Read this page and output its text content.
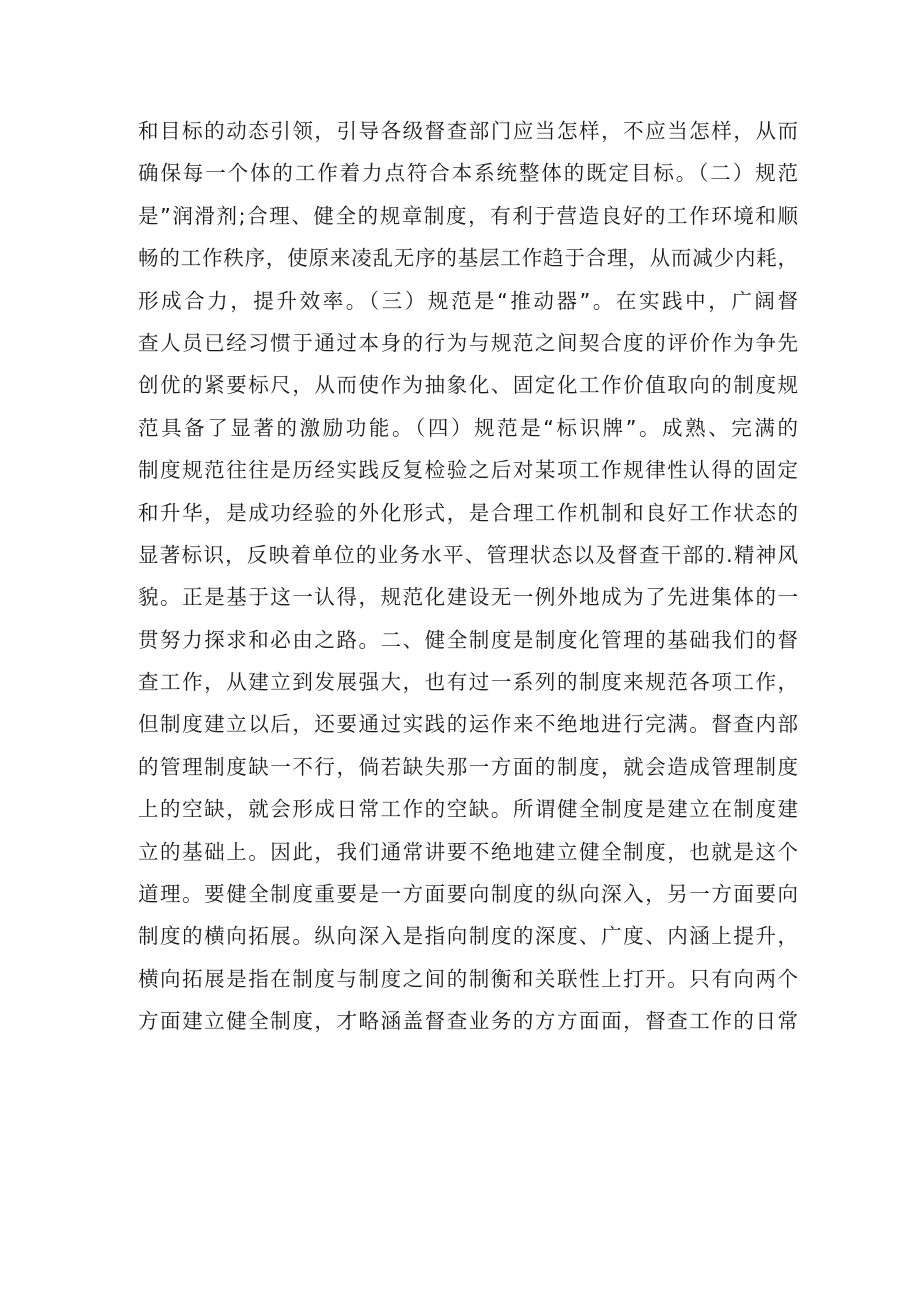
和目标的动态引领，引导各级督查部门应当怎样，不应当怎样，从而
确保每一个体的工作着力点符合本系统整体的既定目标。（二）规范
是”润滑剂;合理、健全的规章制度，有利于营造良好的工作环境和顺
畅的工作秩序，使原来凌乱无序的基层工作趋于合理，从而减少内耗，
形成合力，提升效率。（三）规范是“推动器”。在实践中，广阔督
查人员已经习惯于通过本身的行为与规范之间契合度的评价作为争先
创优的紧要标尺，从而使作为抽象化、固定化工作价值取向的制度规
范具备了显著的激励功能。（四）规范是“标识牌”。成熟、完满的
制度规范往往是历经实践反复检验之后对某项工作规律性认得的固定
和升华，是成功经验的外化形式，是合理工作机制和良好工作状态的
显著标识，反映着单位的业务水平、管理状态以及督查干部的.精神风
貌。正是基于这一认得，规范化建设无一例外地成为了先进集体的一
贯努力探求和必由之路。二、健全制度是制度化管理的基础我们的督
查工作，从建立到发展强大，也有过一系列的制度来规范各项工作，
但制度建立以后，还要通过实践的运作来不绝地进行完满。督查内部
的管理制度缺一不行，倘若缺失那一方面的制度，就会造成管理制度
上的空缺，就会形成日常工作的空缺。所谓健全制度是建立在制度建
立的基础上。因此，我们通常讲要不绝地建立健全制度，也就是这个
道理。要健全制度重要是一方面要向制度的纵向深入，另一方面要向
制度的横向拓展。纵向深入是指向制度的深度、广度、内涵上提升，
横向拓展是指在制度与制度之间的制衡和关联性上打开。只有向两个
方面建立健全制度，才略涵盖督查业务的方方面面，督查工作的日常
